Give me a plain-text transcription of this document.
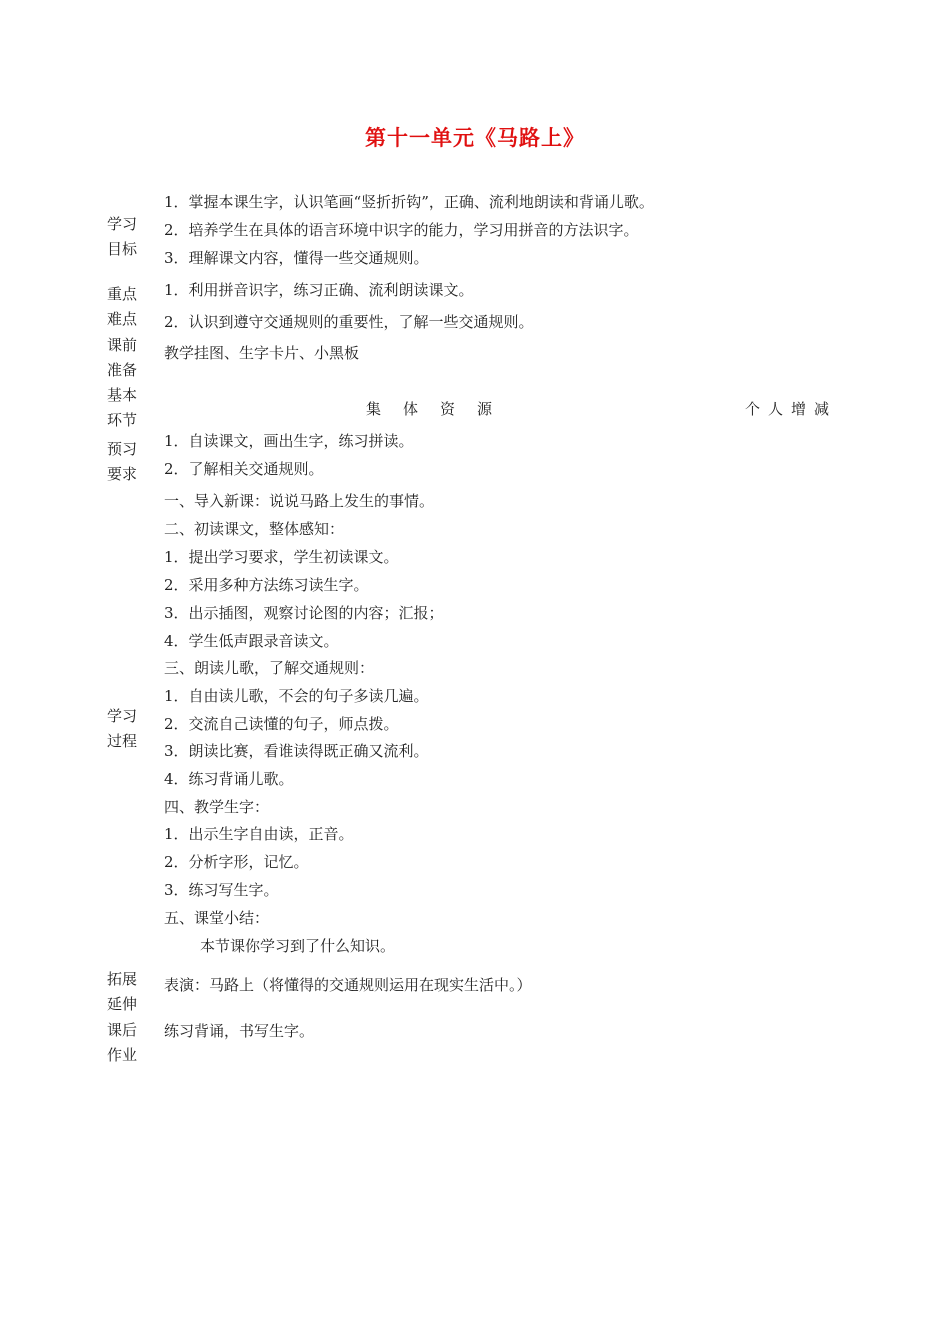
第十一单元《马路上》
学习
目标
1．掌握本课生字，认识笔画“竖折折钩”，正确、流利地朗读和背诵儿歌。
2．培养学生在具体的语言环境中识字的能力，学习用拼音的方法识字。
3．理解课文内容，懂得一些交通规则。
重点
难点
1．利用拼音识字，练习正确、流利朗读课文。
2．认识到遵守交通规则的重要性，了解一些交通规则。
课前
准备
教学挂图、生字卡片、小黑板
基本
环节
集体资源	个人增减
预习
要求
1．自读课文，画出生字，练习拼读。
2．了解相关交通规则。
学习
过程
一、导入新课：说说马路上发生的事情。
二、初读课文，整体感知：
1．提出学习要求，学生初读课文。
2．采用多种方法练习读生字。
3．出示插图，观察讨论图的内容；汇报；
4．学生低声跟录音读文。
三、朗读儿歌，了解交通规则：
1．自由读儿歌，不会的句子多读几遍。
2．交流自己读懂的句子，师点拨。
3．朗读比赛，看谁读得既正确又流利。
4．练习背诵儿歌。
四、教学生字：
1．出示生字自由读，正音。
2．分析字形，记忆。
3．练习写生字。
五、课堂小结：
本节课你学习到了什么知识。
拓展
延伸
表演：马路上（将懂得的交通规则运用在现实生活中。）
课后
作业
练习背诵，书写生字。
